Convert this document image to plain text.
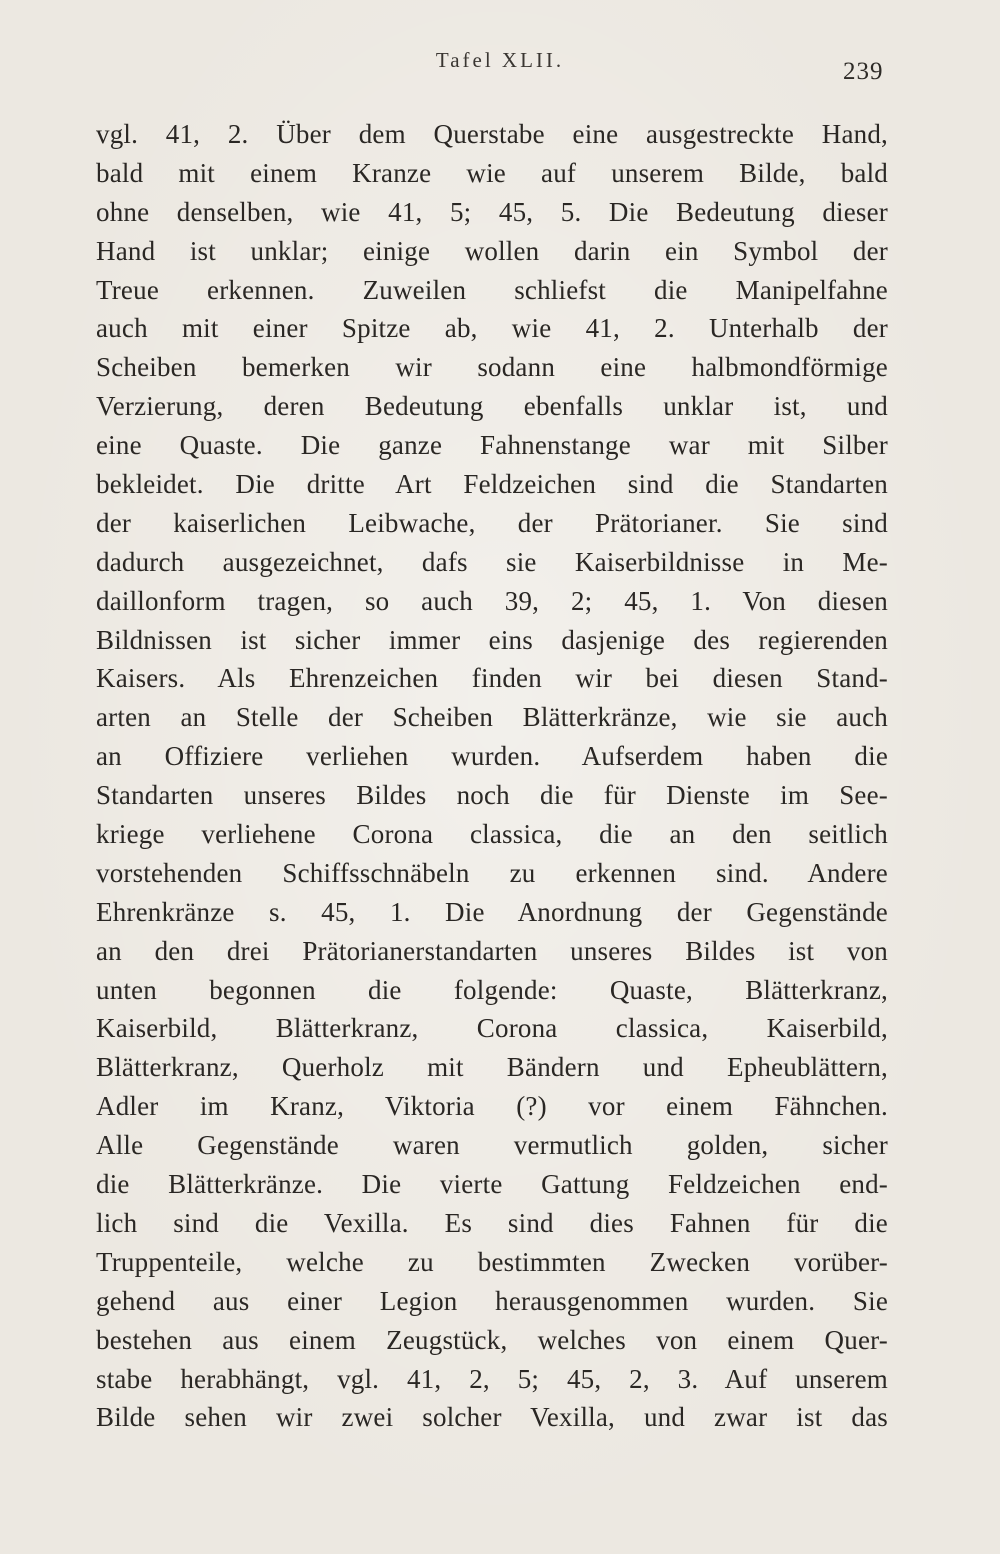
Tafel XLII.	239
vgl. 41, 2. Über dem Querstabe eine ausgestreckte Hand,
bald mit einem Kranze wie auf unserem Bilde, bald
ohne denselben, wie 41, 5; 45, 5. Die Bedeutung dieser
Hand ist unklar; einige wollen darin ein Symbol der
Treue erkennen. Zuweilen schliefst die Manipelfahne
auch mit einer Spitze ab, wie 41, 2. Unterhalb der
Scheiben bemerken wir sodann eine halbmondförmige
Verzierung, deren Bedeutung ebenfalls unklar ist, und
eine Quaste. Die ganze Fahnenstange war mit Silber
bekleidet. Die dritte Art Feldzeichen sind die Standarten
der kaiserlichen Leibwache, der Prätorianer. Sie sind
dadurch ausgezeichnet, dafs sie Kaiserbildnisse in Me-
daillonform tragen, so auch 39, 2; 45, 1. Von diesen
Bildnissen ist sicher immer eins dasjenige des regierenden
Kaisers. Als Ehrenzeichen finden wir bei diesen Stand-
arten an Stelle der Scheiben Blätterkränze, wie sie auch
an Offiziere verliehen wurden. Aufserdem haben die
Standarten unseres Bildes noch die für Dienste im See-
kriege verliehene Corona classica, die an den seitlich
vorstehenden Schiffsschnäbeln zu erkennen sind. Andere
Ehrenkränze s. 45, 1. Die Anordnung der Gegenstände
an den drei Prätorianerstandarten unseres Bildes ist von
unten begonnen die folgende: Quaste, Blätterkranz,
Kaiserbild, Blätterkranz, Corona classica, Kaiserbild,
Blätterkranz, Querholz mit Bändern und Epheublättern,
Adler im Kranz, Viktoria (?) vor einem Fähnchen.
Alle Gegenstände waren vermutlich golden, sicher
die Blätterkränze. Die vierte Gattung Feldzeichen end-
lich sind die Vexilla. Es sind dies Fahnen für die
Truppenteile, welche zu bestimmten Zwecken vorüber-
gehend aus einer Legion herausgenommen wurden. Sie
bestehen aus einem Zeugstück, welches von einem Quer-
stabe herabhängt, vgl. 41, 2, 5; 45, 2, 3. Auf unserem
Bilde sehen wir zwei solcher Vexilla, und zwar ist das
